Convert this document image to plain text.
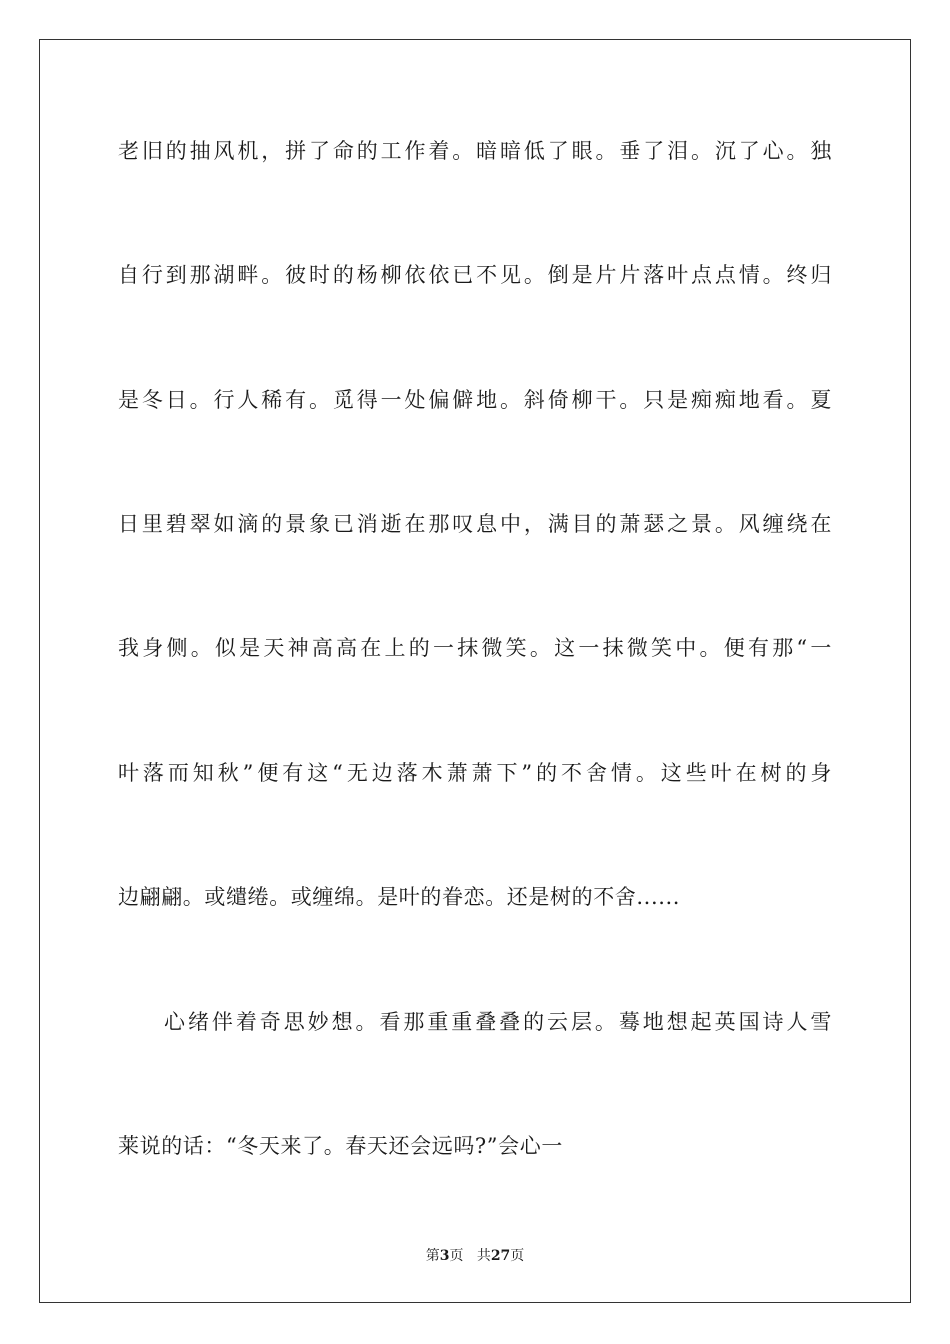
老旧的抽风机，拼了命的工作着。暗暗低了眼。垂了泪。沉了心。独
自行到那湖畔。彼时的杨柳依依已不见。倒是片片落叶点点情。终归
是冬日。行人稀有。觅得一处偏僻地。斜倚柳干。只是痴痴地看。夏
日里碧翠如滴的景象已消逝在那叹息中，满目的萧瑟之景。风缠绕在
我身侧。似是天神高高在上的一抹微笑。这一抹微笑中。便有那“一
叶落而知秋”便有这“无边落木萧萧下”的不舍情。这些叶在树的身
边翩翩。或缱绻。或缠绵。是叶的眷恋。还是树的不舍......
心绪伴着奇思妙想。看那重重叠叠的云层。蓦地想起英国诗人雪
莱说的话：“冬天来了。春天还会远吗?”会心一
第3页 共27页
